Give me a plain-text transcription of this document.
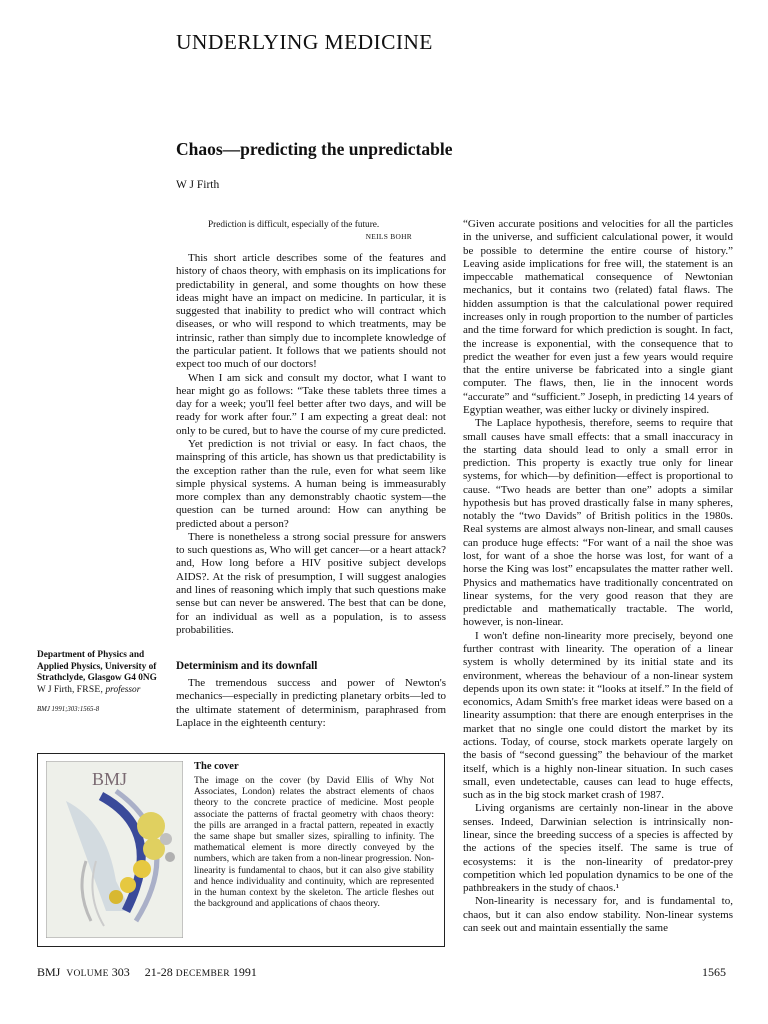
UNDERLYING MEDICINE
Chaos—predicting the unpredictable
W J Firth
Prediction is difficult, especially of the future.
NEILS BOHR

This short article describes some of the features and history of chaos theory, with emphasis on its implications for predictability in general, and some thoughts on how these ideas might have an impact on medicine. In particular, it is suggested that inability to predict who will contract which diseases, or who will respond to which treatments, may be intrinsic, rather than simply due to incomplete knowledge of the particular patient. It follows that we patients should not expect too much of our doctors!

When I am sick and consult my doctor, what I want to hear might go as follows: “Take these tablets three times a day for a week; you'll feel better after two days, and will be ready for work after four.” I am expecting a great deal: not only to be cured, but to have the course of my cure predicted.

Yet prediction is not trivial or easy. In fact chaos, the mainspring of this article, has shown us that predictability is the exception rather than the rule, even for what seem like simple physical systems. A human being is immeasurably more complex than any demonstrably chaotic system—the question can be turned around: How can anything be predicted about a person?

There is nonetheless a strong social pressure for answers to such questions as, Who will get cancer—or a heart attack? and, How long before a HIV positive subject develops AIDS?. At the risk of presumption, I will suggest analogies and lines of reasoning which imply that such questions make sense but can never be answered. The best that can be done, for an individual as well as a population, is to assess probabilities.

Determinism and its downfall

The tremendous success and power of Newton's mechanics—especially in predicting planetary orbits—led to the ultimate statement of determinism, paraphrased from Laplace in the eighteenth century:

Department of Physics and Applied Physics, University of Strathclyde, Glasgow G4 0NG
W J Firth, FRSE, professor
BMJ 1991;303:1565-8

“Given accurate positions and velocities for all the particles in the universe, and sufficient calculational power, it would be possible to determine the entire course of history.” Leaving aside implications for free will, the statement is an impeccable mathematical consequence of Newtonian mechanics, but it contains two (related) fatal flaws. The hidden assumption is that the calculational power required increases only in rough proportion to the number of particles and the time forward for which prediction is sought. In fact, the increase is exponential, with the consequence that to predict the weather for even just a few years would require that the entire universe be fabricated into a single giant computer. The flaws, then, lie in the innocent words “accurate” and “sufficient.” Joseph, in predicting 14 years of Egyptian weather, was either lucky or divinely inspired.

The Laplace hypothesis, therefore, seems to require that small causes have small effects: that a small inaccuracy in the starting data should lead to only a small error in prediction. This property is exactly true only for linear systems, for which—by definition—effect is proportional to cause. “Two heads are better than one” adopts a similar hypothesis but has proved drastically false in many spheres, notably the “two Davids” of British politics in the 1980s. Real systems are almost always non-linear, and small causes can produce huge effects: “For want of a nail the shoe was lost, for want of a shoe the horse was lost, for want of a horse the King was lost” encapsulates the matter rather well. Physics and mathematics have traditionally concentrated on linear systems, for the very good reason that they are predictable and mathematically tractable. The world, however, is non-linear.

I won't define non-linearity more precisely, beyond one further contrast with linearity. The operation of a linear system is wholly determined by its initial state and its environment, whereas the behaviour of a non-linear system depends upon its own state: it “looks at itself.” In the field of economics, Adam Smith's free market ideas were based on a linearity assumption: that there are enough enterprises in the market that no single one could distort the market by its actions. Today, of course, stock markets operate largely on the basis of “second guessing” the behaviour of the market itself, which is a highly non-linear situation. In such cases small, even undetectable, causes can lead to huge effects, such as in the big stock market crash of 1987.

Living organisms are certainly non-linear in the above senses. Indeed, Darwinian selection is intrinsically non-linear, since the breeding success of a species is affected by the actions of the species itself. The same is true of ecosystems: it is the non-linearity of predator-prey competition which led population dynamics to be one of the pathbreakers in the study of chaos.¹

Non-linearity is necessary for, and is fundamental to, chaos, but it can also endow stability. Non-linear systems can seek out and maintain essentially the same

BMJ
The cover
The image on the cover (by David Ellis of Why Not Associates, London) relates the abstract elements of chaos theory to the concrete practice of medicine. Most people associate the patterns of fractal geometry with chaos theory: the pills are arranged in a fractal pattern, repeated in exactly the same shape but smaller sizes, spiralling to infinity. The mathematical element is more directly conveyed by the numbers, which are taken from a non-linear progression. Non-linearity is fundamental to chaos, but it can also give stability and hence individuality and continuity, which are represented in the human context by the skeleton. The article fleshes out the background and applications of chaos theory.
BMJ VOLUME 303 21-28 DECEMBER 1991	1565
